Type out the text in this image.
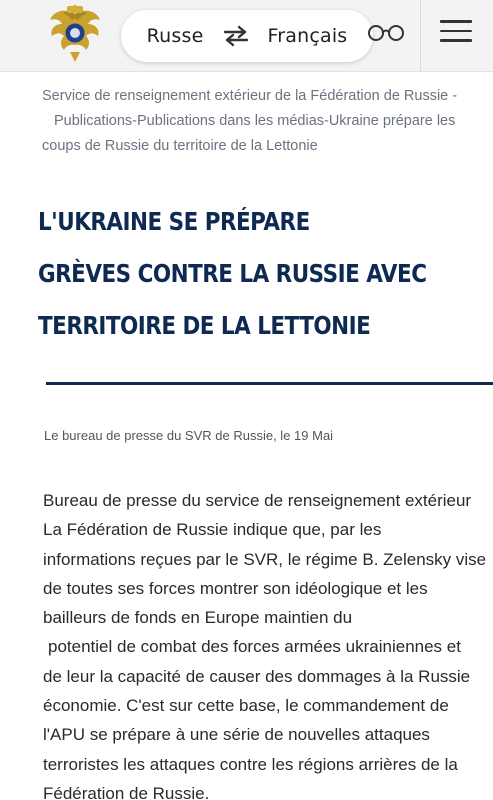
Russe	Français
Service de renseignement extérieur de la Fédération de Russie -
Publications-Publications dans les médias-Ukraine prépare les
coups de Russie du territoire de la Lettonie
L'UKRAINE SE PRÉPARE
GRÈVES CONTRE LA RUSSIE AVEC
TERRITOIRE DE LA LETTONIE
Le bureau de presse du SVR de Russie, le 19 Mai
Bureau de presse du service de renseignement extérieur
La Fédération de Russie indique que, par les
informations reçues par le SVR, le régime B. Zelensky vise
de toutes ses forces montrer son idéologique et les
bailleurs de fonds en Europe maintien du
potentiel de combat des forces armées ukrainiennes et
de leur la capacité de causer des dommages à la Russie
économie. C'est sur cette base, le commandement de
l'APU se prépare à une série de nouvelles attaques
terroristes les attaques contre les régions arrières de la
Fédération de Russie.
